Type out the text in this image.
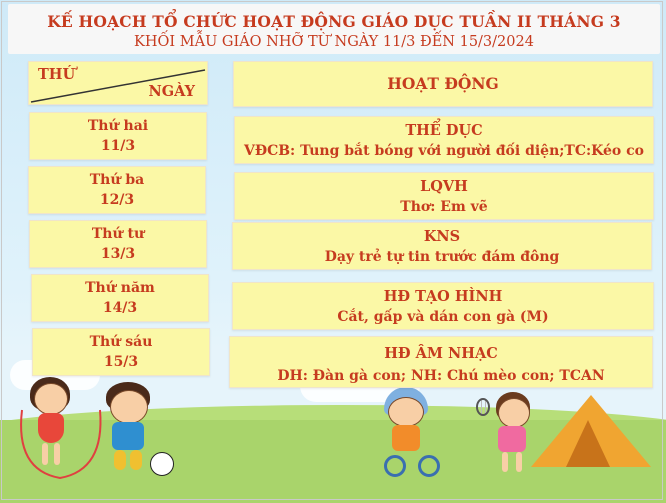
KẾ HOẠCH TỔ CHỨC HOẠT ĐỘNG GIÁO DỤC TUẦN II THÁNG 3
KHỐI MẪU GIÁO NHỠ TỪ NGÀY 11/3 ĐẾN 15/3/2024
THỨ
NGÀY	HOẠT ĐỘNG
Thứ hai
11/3
Thứ ba
12/3
Thứ tư
13/3
Thứ năm
14/3
Thứ sáu
15/3
THỂ DỤC
VĐCB: Tung bắt bóng với người đối diện;TC:Kéo co
LQVH
Thơ: Em vẽ
KNS
Dạy trẻ tự tin trước đám đông
HĐ TẠO HÌNH
Cắt, gấp và dán con gà (M)
HĐ ÂM NHẠC
DH: Đàn gà con; NH: Chú mèo con; TCAN
